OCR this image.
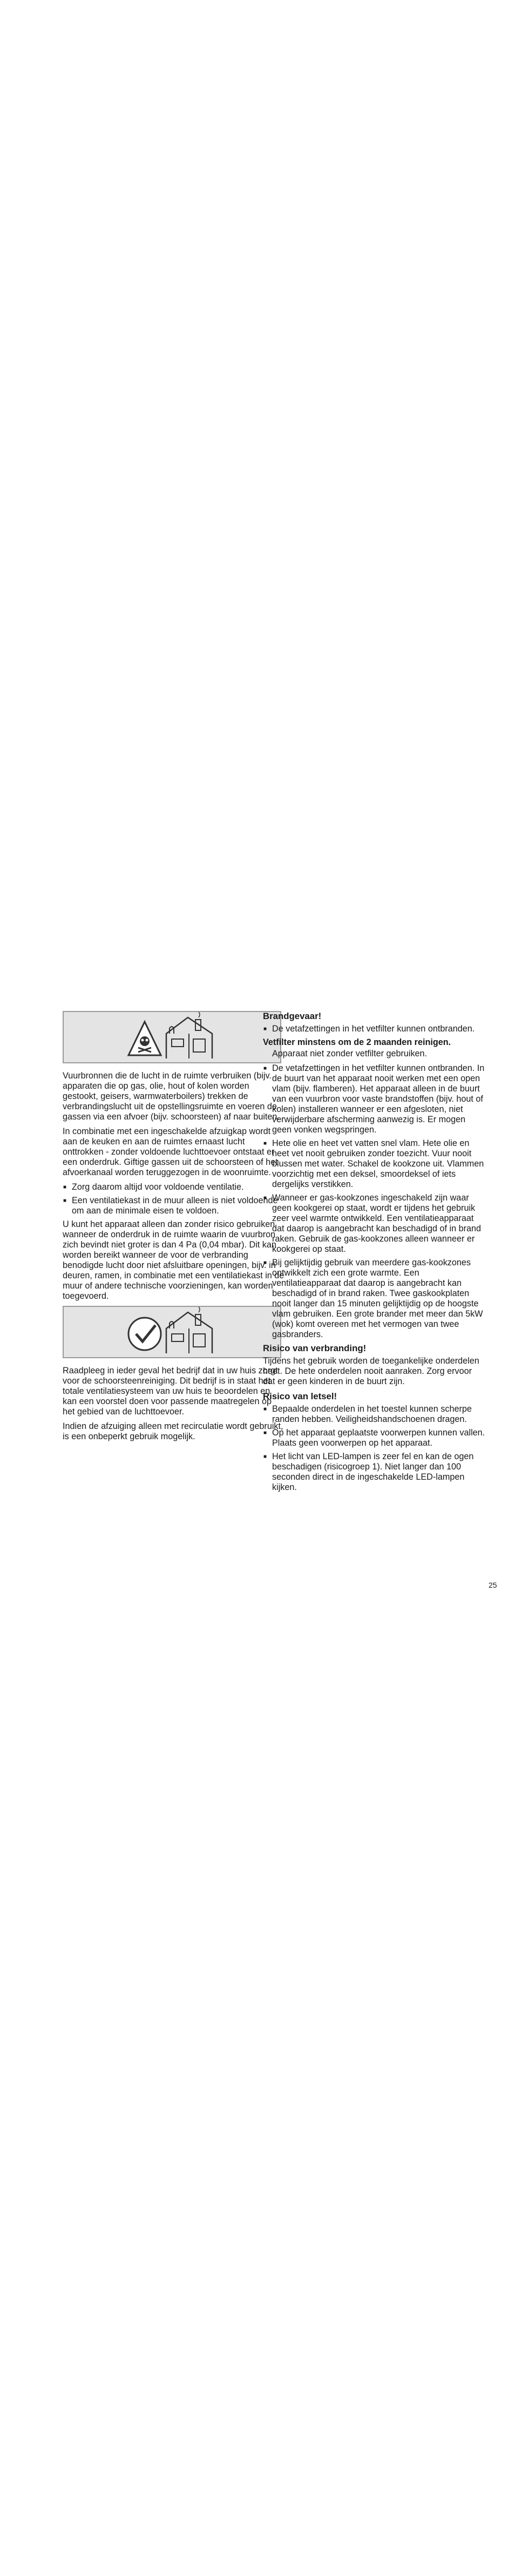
Vuurbronnen die de lucht in de ruimte verbruiken (bijv. apparaten die op gas, olie, hout of kolen worden gestookt, geisers, warmwaterboilers) trekken de verbrandingslucht uit de opstellingsruimte en voeren de gassen via een afvoer (bijv. schoorsteen) af naar buiten.

In combinatie met een ingeschakelde afzuigkap wordt aan de keuken en aan de ruimtes ernaast lucht onttrokken - zonder voldoende luchttoevoer ontstaat er een onderdruk. Giftige gassen uit de schoorsteen of het afvoerkanaal worden teruggezogen in de woonruimte.

■ Zorg daarom altijd voor voldoende ventilatie.
■ Een ventilatiekast in de muur alleen is niet voldoende om aan de minimale eisen te voldoen.

U kunt het apparaat alleen dan zonder risico gebruiken wanneer de onderdruk in de ruimte waarin de vuurbron zich bevindt niet groter is dan 4 Pa (0,04 mbar). Dit kan worden bereikt wanneer de voor de verbranding benodigde lucht door niet afsluitbare openingen, bijv. in deuren, ramen, in combinatie met een ventilatiekast in de muur of andere technische voorzieningen, kan worden toegevoerd.

Raadpleeg in ieder geval het bedrijf dat in uw huis zorgt voor de schoorsteenreiniging. Dit bedrijf is in staat het totale ventilatiesysteem van uw huis te beoordelen en kan een voorstel doen voor passende maatregelen op het gebied van de luchttoevoer.

Indien de afzuiging alleen met recirculatie wordt gebruikt, is een onbeperkt gebruik mogelijk.

Brandgevaar!
■ De vetafzettingen in het vetfilter kunnen ontbranden.
Vetfilter minstens om de 2 maanden reinigen.

Apparaat niet zonder vetfilter gebruiken.

■ De vetafzettingen in het vetfilter kunnen ontbranden. In de buurt van het apparaat nooit werken met een open vlam (bijv. flamberen). Het apparaat alleen in de buurt van een vuurbron voor vaste brandstoffen (bijv. hout of kolen) installeren wanneer er een afgesloten, niet verwijderbare afscherming aanwezig is. Er mogen geen vonken wegspringen.
■ Hete olie en heet vet vatten snel vlam. Hete olie en heet vet nooit gebruiken zonder toezicht. Vuur nooit blussen met water. Schakel de kookzone uit. Vlammen voorzichtig met een deksel, smoordeksel of iets dergelijks verstikken.
■ Wanneer er gas-kookzones ingeschakeld zijn waar geen kookgerei op staat, wordt er tijdens het gebruik zeer veel warmte ontwikkeld. Een ventilatieapparaat dat daarop is aangebracht kan beschadigd of in brand raken. Gebruik de gas-kookzones alleen wanneer er kookgerei op staat.
■ Bij gelijktijdig gebruik van meerdere gas-kookzones ontwikkelt zich een grote warmte. Een ventilatieapparaat dat daarop is aangebracht kan beschadigd of in brand raken. Twee gaskookplaten nooit langer dan 15 minuten gelijktijdig op de hoogste vlam gebruiken. Een grote brander met meer dan 5kW (wok) komt overeen met het vermogen van twee gasbranders.
Risico van verbranding!

Tijdens het gebruik worden de toegankelijke onderdelen heet. De hete onderdelen nooit aanraken. Zorg ervoor dat er geen kinderen in de buurt zijn.

Risico van letsel!
■ Bepaalde onderdelen in het toestel kunnen scherpe randen hebben. Veiligheidshandschoenen dragen.
■ Op het apparaat geplaatste voorwerpen kunnen vallen. Plaats geen voorwerpen op het apparaat.
■ Het licht van LED-lampen is zeer fel en kan de ogen beschadigen (risicogroep 1). Niet langer dan 100 seconden direct in de ingeschakelde LED-lampen kijken.
25
